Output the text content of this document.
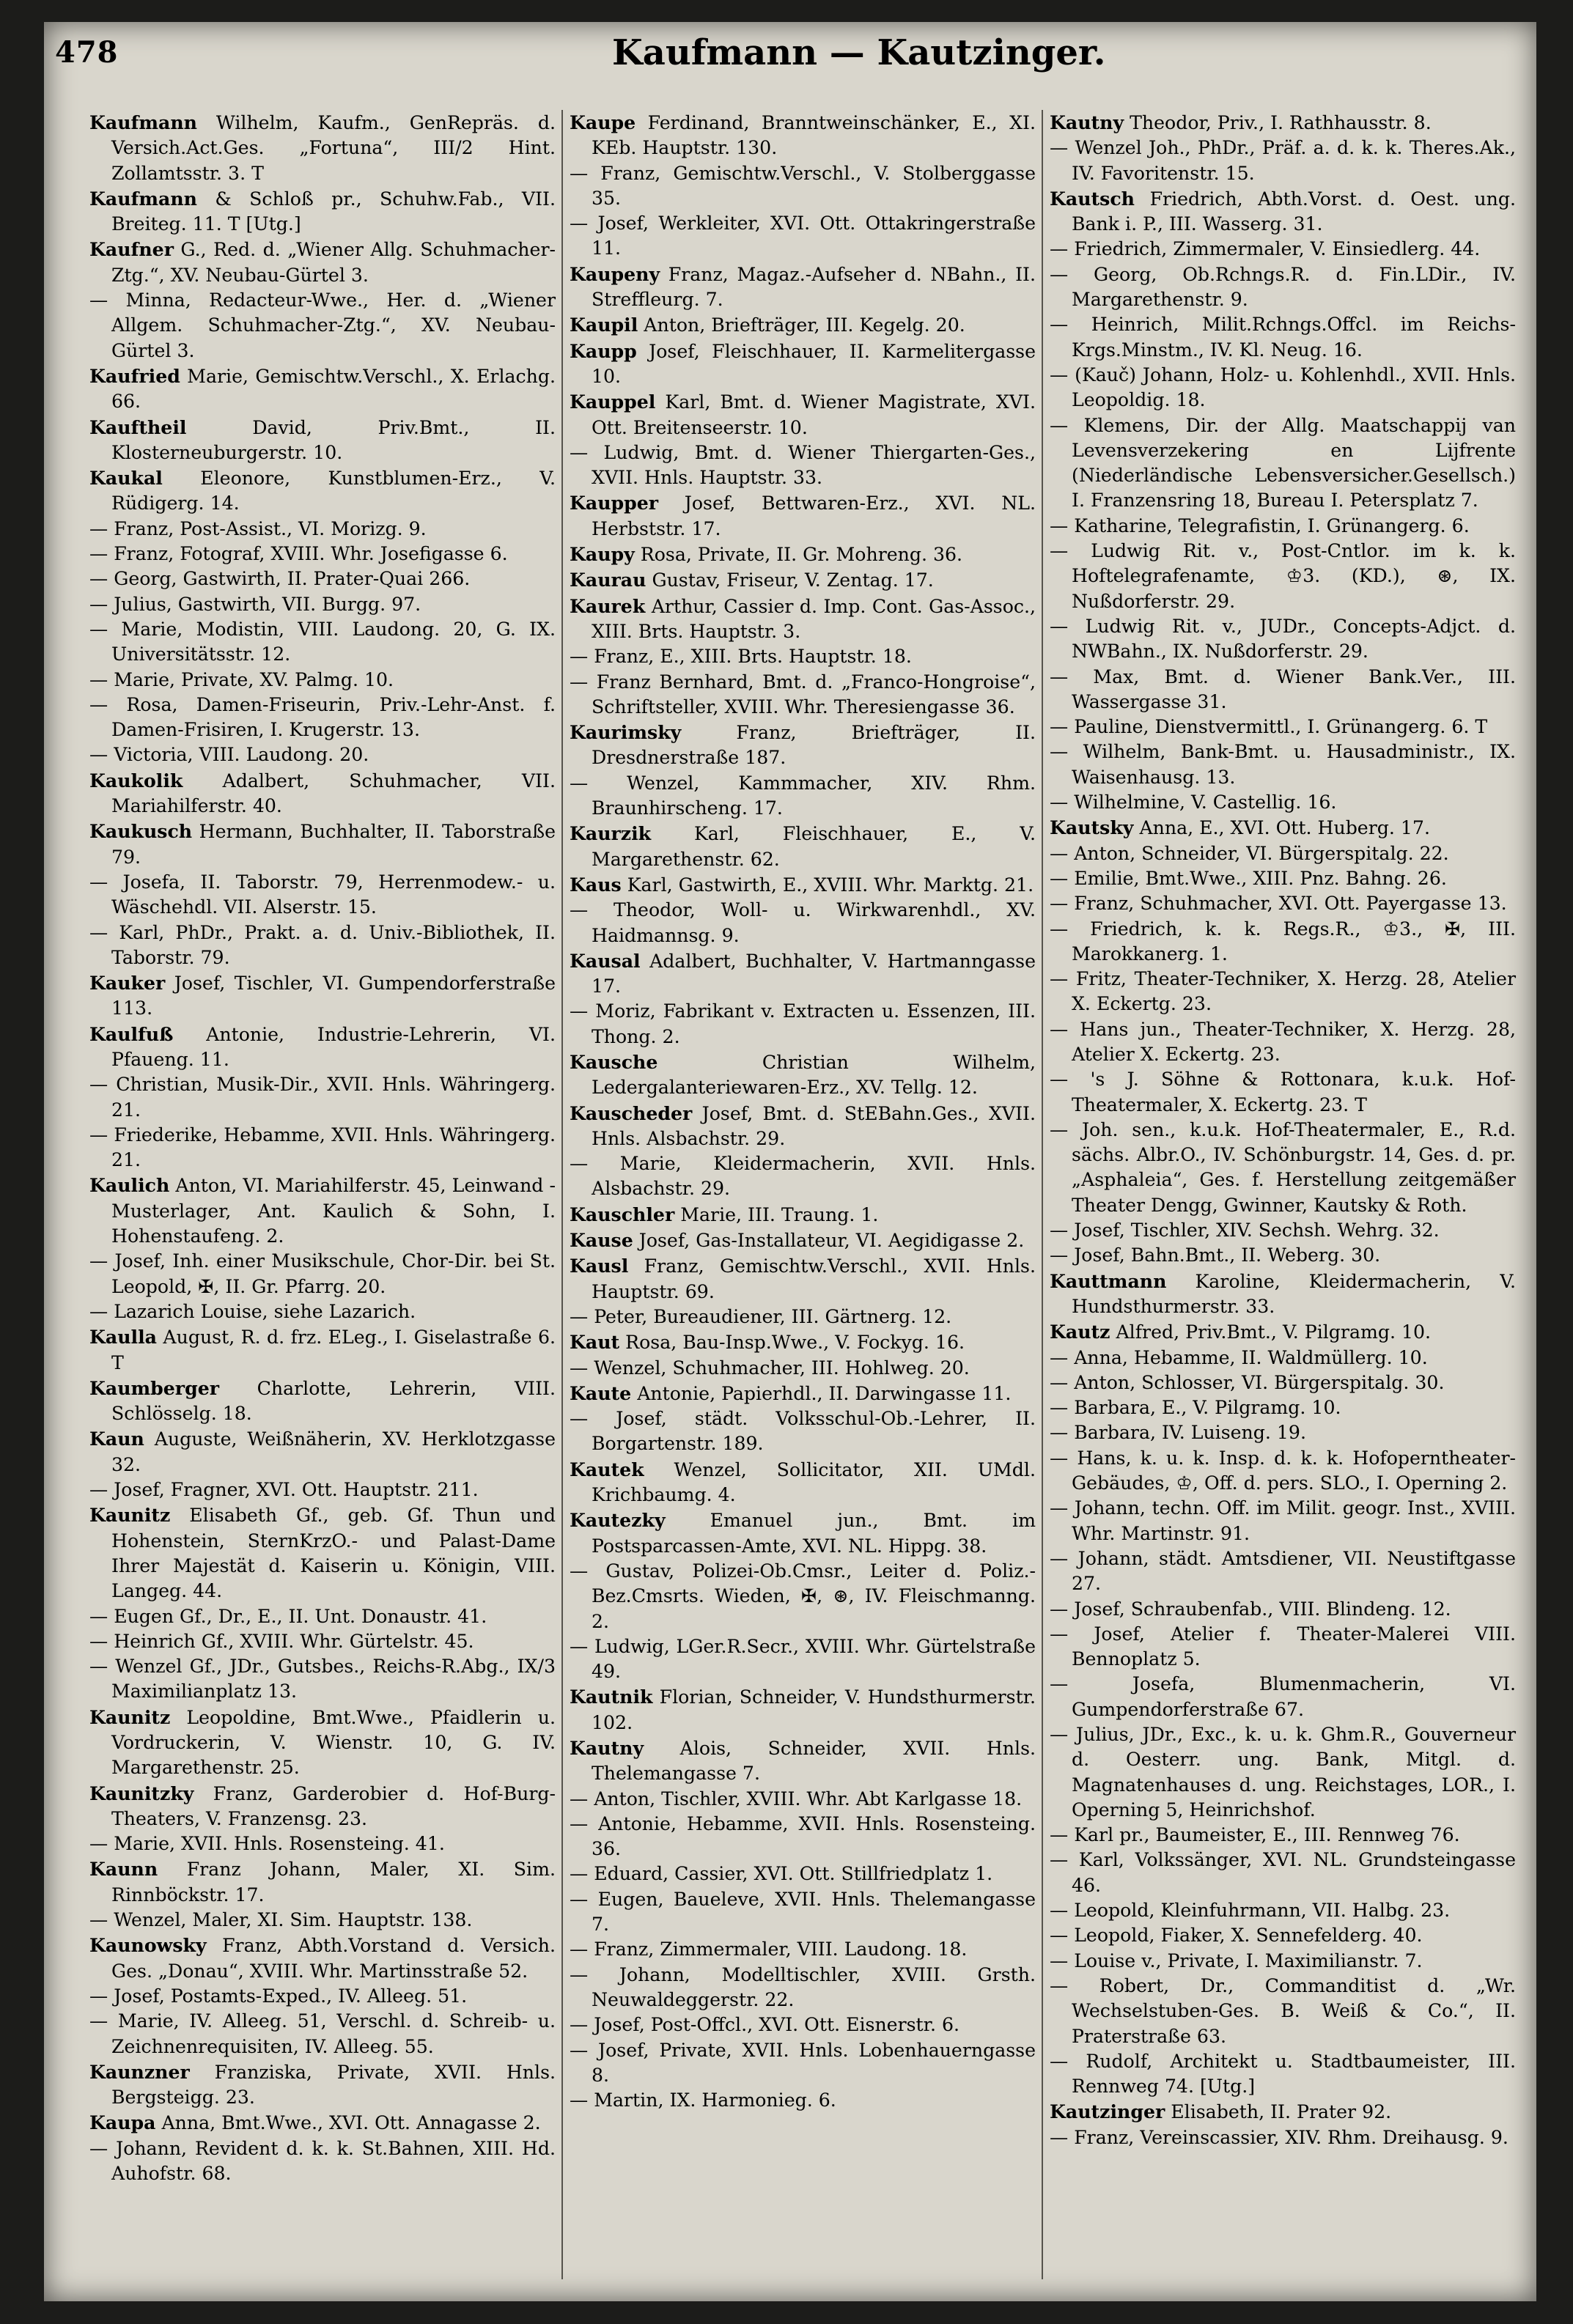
478	Kaufmann — Kautzinger.

Kaufmann Wilhelm, Kaufm., GenRepräs. d. Versich.Act.Ges. „Fortuna“, III/2 Hint. Zollamtsstr. 3. T

Kaufmann & Schloß pr., Schuhw.Fab., VII. Breiteg. 11. T [Utg.]

Kaufner G., Red. d. „Wiener Allg. Schuhmacher-Ztg.“, XV. Neubau-Gürtel 3.

— Minna, Redacteur-Wwe., Her. d. „Wiener Allgem. Schuhmacher-Ztg.“, XV. Neubau-Gürtel 3.

Kaufried Marie, Gemischtw.Verschl., X. Erlachg. 66.

Kauftheil David, Priv.Bmt., II. Klosterneuburgerstr. 10.

Kaukal Eleonore, Kunstblumen-Erz., V. Rüdigerg. 14.

— Franz, Post-Assist., VI. Morizg. 9.

— Franz, Fotograf, XVIII. Whr. Josefigasse 6.

— Georg, Gastwirth, II. Prater-Quai 266.

— Julius, Gastwirth, VII. Burgg. 97.

— Marie, Modistin, VIII. Laudong. 20, G. IX. Universitätsstr. 12.

— Marie, Private, XV. Palmg. 10.

— Rosa, Damen-Friseurin, Priv.-Lehr-Anst. f. Damen-Frisiren, I. Krugerstr. 13.

— Victoria, VIII. Laudong. 20.

Kaukolik Adalbert, Schuhmacher, VII. Mariahilferstr. 40.

Kaukusch Hermann, Buchhalter, II. Taborstraße 79.

— Josefa, II. Taborstr. 79, Herrenmodew.- u. Wäschehdl. VII. Alserstr. 15.

— Karl, PhDr., Prakt. a. d. Univ.-Bibliothek, II. Taborstr. 79.

Kauker Josef, Tischler, VI. Gumpendorferstraße 113.

Kaulfuß Antonie, Industrie-Lehrerin, VI. Pfaueng. 11.

— Christian, Musik-Dir., XVII. Hnls. Währingerg. 21.

— Friederike, Hebamme, XVII. Hnls. Währingerg. 21.

Kaulich Anton, VI. Mariahilferstr. 45, Leinwand - Musterlager, Ant. Kaulich & Sohn, I. Hohenstaufeng. 2.

— Josef, Inh. einer Musikschule, Chor-Dir. bei St. Leopold, ✠, II. Gr. Pfarrg. 20.

— Lazarich Louise, siehe Lazarich.

Kaulla August, R. d. frz. ELeg., I. Giselastraße 6. T

Kaumberger Charlotte, Lehrerin, VIII. Schlösselg. 18.

Kaun Auguste, Weißnäherin, XV. Herklotzgasse 32.

— Josef, Fragner, XVI. Ott. Hauptstr. 211.

Kaunitz Elisabeth Gf., geb. Gf. Thun und Hohenstein, SternKrzO.- und Palast-Dame Ihrer Majestät d. Kaiserin u. Königin, VIII. Langeg. 44.

— Eugen Gf., Dr., E., II. Unt. Donaustr. 41.

— Heinrich Gf., XVIII. Whr. Gürtelstr. 45.

— Wenzel Gf., JDr., Gutsbes., Reichs-R.Abg., IX/3 Maximilianplatz 13.

Kaunitz Leopoldine, Bmt.Wwe., Pfaidlerin u. Vordruckerin, V. Wienstr. 10, G. IV. Margarethenstr. 25.

Kaunitzky Franz, Garderobier d. Hof-Burg-Theaters, V. Franzensg. 23.

— Marie, XVII. Hnls. Rosensteing. 41.

Kaunn Franz Johann, Maler, XI. Sim. Rinnböckstr. 17.

— Wenzel, Maler, XI. Sim. Hauptstr. 138.

Kaunowsky Franz, Abth.Vorstand d. Versich. Ges. „Donau“, XVIII. Whr. Martinsstraße 52.

— Josef, Postamts-Exped., IV. Alleeg. 51.

— Marie, IV. Alleeg. 51, Verschl. d. Schreib- u. Zeichnenrequisiten, IV. Alleeg. 55.

Kaunzner Franziska, Private, XVII. Hnls. Bergsteigg. 23.

Kaupa Anna, Bmt.Wwe., XVI. Ott. Annagasse 2.

— Johann, Revident d. k. k. St.Bahnen, XIII. Hd. Auhofstr. 68.

Kaupe Ferdinand, Branntweinschänker, E., XI. KEb. Hauptstr. 130.

— Franz, Gemischtw.Verschl., V. Stolberggasse 35.

— Josef, Werkleiter, XVI. Ott. Ottakringerstraße 11.

Kaupeny Franz, Magaz.-Aufseher d. NBahn., II. Streffleurg. 7.

Kaupil Anton, Briefträger, III. Kegelg. 20.

Kaupp Josef, Fleischhauer, II. Karmelitergasse 10.

Kauppel Karl, Bmt. d. Wiener Magistrate, XVI. Ott. Breitenseerstr. 10.

— Ludwig, Bmt. d. Wiener Thiergarten-Ges., XVII. Hnls. Hauptstr. 33.

Kaupper Josef, Bettwaren-Erz., XVI. NL. Herbststr. 17.

Kaupy Rosa, Private, II. Gr. Mohreng. 36.

Kaurau Gustav, Friseur, V. Zentag. 17.

Kaurek Arthur, Cassier d. Imp. Cont. Gas-Assoc., XIII. Brts. Hauptstr. 3.

— Franz, E., XIII. Brts. Hauptstr. 18.

— Franz Bernhard, Bmt. d. „Franco-Hongroise“, Schriftsteller, XVIII. Whr. Theresiengasse 36.

Kaurimsky Franz, Briefträger, II. Dresdnerstraße 187.

— Wenzel, Kammmacher, XIV. Rhm. Braunhirscheng. 17.

Kaurzik Karl, Fleischhauer, E., V. Margarethenstr. 62.

Kaus Karl, Gastwirth, E., XVIII. Whr. Marktg. 21.

— Theodor, Woll- u. Wirkwarenhdl., XV. Haidmannsg. 9.

Kausal Adalbert, Buchhalter, V. Hartmanngasse 17.

— Moriz, Fabrikant v. Extracten u. Essenzen, III. Thong. 2.

Kausche Christian Wilhelm, Ledergalanteriewaren-Erz., XV. Tellg. 12.

Kauscheder Josef, Bmt. d. StEBahn.Ges., XVII. Hnls. Alsbachstr. 29.

— Marie, Kleidermacherin, XVII. Hnls. Alsbachstr. 29.

Kauschler Marie, III. Traung. 1.

Kause Josef, Gas-Installateur, VI. Aegidigasse 2.

Kausl Franz, Gemischtw.Verschl., XVII. Hnls. Hauptstr. 69.

— Peter, Bureaudiener, III. Gärtnerg. 12.

Kaut Rosa, Bau-Insp.Wwe., V. Fockyg. 16.

— Wenzel, Schuhmacher, III. Hohlweg. 20.

Kaute Antonie, Papierhdl., II. Darwingasse 11.

— Josef, städt. Volksschul-Ob.-Lehrer, II. Borgartenstr. 189.

Kautek Wenzel, Sollicitator, XII. UMdl. Krichbaumg. 4.

Kautezky Emanuel jun., Bmt. im Postsparcassen-Amte, XVI. NL. Hippg. 38.

— Gustav, Polizei-Ob.Cmsr., Leiter d. Poliz.-Bez.Cmsrts. Wieden, ✠, ⊛, IV. Fleischmanng. 2.

— Ludwig, LGer.R.Secr., XVIII. Whr. Gürtelstraße 49.

Kautnik Florian, Schneider, V. Hundsthurmerstr. 102.

Kautny Alois, Schneider, XVII. Hnls. Thelemangasse 7.

— Anton, Tischler, XVIII. Whr. Abt Karlgasse 18.

— Antonie, Hebamme, XVII. Hnls. Rosensteing. 36.

— Eduard, Cassier, XVI. Ott. Stillfriedplatz 1.

— Eugen, Baueleve, XVII. Hnls. Thelemangasse 7.

— Franz, Zimmermaler, VIII. Laudong. 18.

— Johann, Modelltischler, XVIII. Grsth. Neuwaldeggerstr. 22.

— Josef, Post-Offcl., XVI. Ott. Eisnerstr. 6.

— Josef, Private, XVII. Hnls. Lobenhauerngasse 8.

— Martin, IX. Harmonieg. 6.

Kautny Theodor, Priv., I. Rathhausstr. 8.

— Wenzel Joh., PhDr., Präf. a. d. k. k. Theres.Ak., IV. Favoritenstr. 15.

Kautsch Friedrich, Abth.Vorst. d. Oest. ung. Bank i. P., III. Wasserg. 31.

— Friedrich, Zimmermaler, V. Einsiedlerg. 44.

— Georg, Ob.Rchngs.R. d. Fin.LDir., IV. Margarethenstr. 9.

— Heinrich, Milit.Rchngs.Offcl. im Reichs-Krgs.Minstm., IV. Kl. Neug. 16.

— (Kauč) Johann, Holz- u. Kohlenhdl., XVII. Hnls. Leopoldig. 18.

— Klemens, Dir. der Allg. Maatschappij van Levensverzekering en Lijfrente (Niederländische Lebensversicher.Gesellsch.) I. Franzensring 18, Bureau I. Petersplatz 7.

— Katharine, Telegrafistin, I. Grünangerg. 6.

— Ludwig Rit. v., Post-Cntlor. im k. k. Hoftelegrafenamte, ♔3. (KD.), ⊛, IX. Nußdorferstr. 29.

— Ludwig Rit. v., JUDr., Concepts-Adjct. d. NWBahn., IX. Nußdorferstr. 29.

— Max, Bmt. d. Wiener Bank.Ver., III. Wassergasse 31.

— Pauline, Dienstvermittl., I. Grünangerg. 6. T

— Wilhelm, Bank-Bmt. u. Hausadministr., IX. Waisenhausg. 13.

— Wilhelmine, V. Castellig. 16.

Kautsky Anna, E., XVI. Ott. Huberg. 17.

— Anton, Schneider, VI. Bürgerspitalg. 22.

— Emilie, Bmt.Wwe., XIII. Pnz. Bahng. 26.

— Franz, Schuhmacher, XVI. Ott. Payergasse 13.

— Friedrich, k. k. Regs.R., ♔3., ✠, III. Marokkanerg. 1.

— Fritz, Theater-Techniker, X. Herzg. 28, Atelier X. Eckertg. 23.

— Hans jun., Theater-Techniker, X. Herzg. 28, Atelier X. Eckertg. 23.

— 's J. Söhne & Rottonara, k.u.k. Hof-Theatermaler, X. Eckertg. 23. T

— Joh. sen., k.u.k. Hof-Theatermaler, E., R.d. sächs. Albr.O., IV. Schönburgstr. 14, Ges. d. pr. „Asphaleia“, Ges. f. Herstellung zeitgemäßer Theater Dengg, Gwinner, Kautsky & Roth.

— Josef, Tischler, XIV. Sechsh. Wehrg. 32.

— Josef, Bahn.Bmt., II. Weberg. 30.

Kauttmann Karoline, Kleidermacherin, V. Hundsthurmerstr. 33.

Kautz Alfred, Priv.Bmt., V. Pilgramg. 10.

— Anna, Hebamme, II. Waldmüllerg. 10.

— Anton, Schlosser, VI. Bürgerspitalg. 30.

— Barbara, E., V. Pilgramg. 10.

— Barbara, IV. Luiseng. 19.

— Hans, k. u. k. Insp. d. k. k. Hofoperntheater-Gebäudes, ♔, Off. d. pers. SLO., I. Operning 2.

— Johann, techn. Off. im Milit. geogr. Inst., XVIII. Whr. Martinstr. 91.

— Johann, städt. Amtsdiener, VII. Neustiftgasse 27.

— Josef, Schraubenfab., VIII. Blindeng. 12.

— Josef, Atelier f. Theater-Malerei VIII. Bennoplatz 5.

— Josefa, Blumenmacherin, VI. Gumpendorferstraße 67.

— Julius, JDr., Exc., k. u. k. Ghm.R., Gouverneur d. Oesterr. ung. Bank, Mitgl. d. Magnatenhauses d. ung. Reichstages, LOR., I. Operning 5, Heinrichshof.

— Karl pr., Baumeister, E., III. Rennweg 76.

— Karl, Volkssänger, XVI. NL. Grundsteingasse 46.

— Leopold, Kleinfuhrmann, VII. Halbg. 23.

— Leopold, Fiaker, X. Sennefelderg. 40.

— Louise v., Private, I. Maximilianstr. 7.

— Robert, Dr., Commanditist d. „Wr. Wechselstuben-Ges. B. Weiß & Co.“, II. Praterstraße 63.

— Rudolf, Architekt u. Stadtbaumeister, III. Rennweg 74. [Utg.]

Kautzinger Elisabeth, II. Prater 92.

— Franz, Vereinscassier, XIV. Rhm. Dreihausg. 9.
